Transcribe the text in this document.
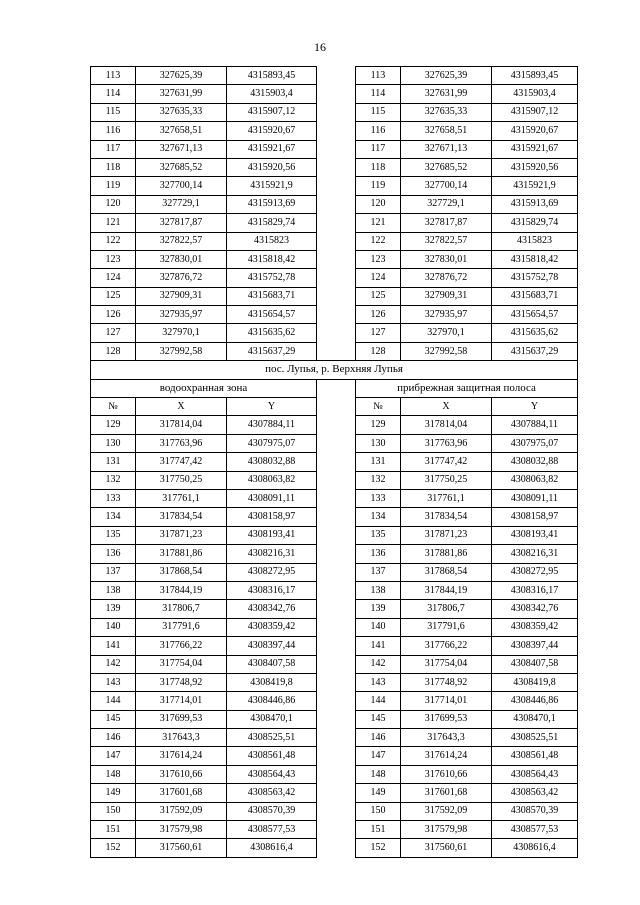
16
113	327625,39	4315893,45		113	327625,39	4315893,45
114	327631,99	4315903,4		114	327631,99	4315903,4
115	327635,33	4315907,12		115	327635,33	4315907,12
116	327658,51	4315920,67		116	327658,51	4315920,67
117	327671,13	4315921,67		117	327671,13	4315921,67
118	327685,52	4315920,56		118	327685,52	4315920,56
119	327700,14	4315921,9		119	327700,14	4315921,9
120	327729,1	4315913,69		120	327729,1	4315913,69
121	327817,87	4315829,74		121	327817,87	4315829,74
122	327822,57	4315823		122	327822,57	4315823
123	327830,01	4315818,42		123	327830,01	4315818,42
124	327876,72	4315752,78		124	327876,72	4315752,78
125	327909,31	4315683,71		125	327909,31	4315683,71
126	327935,97	4315654,57		126	327935,97	4315654,57
127	327970,1	4315635,62		127	327970,1	4315635,62
128	327992,58	4315637,29		128	327992,58	4315637,29
пос. Лупья, р. Верхняя Лупья						
водоохранная зона				прибрежная защитная полоса		
№	X	Y		№	X	Y
129	317814,04	4307884,11		129	317814,04	4307884,11
130	317763,96	4307975,07		130	317763,96	4307975,07
131	317747,42	4308032,88		131	317747,42	4308032,88
132	317750,25	4308063,82		132	317750,25	4308063,82
133	317761,1	4308091,11		133	317761,1	4308091,11
134	317834,54	4308158,97		134	317834,54	4308158,97
135	317871,23	4308193,41		135	317871,23	4308193,41
136	317881,86	4308216,31		136	317881,86	4308216,31
137	317868,54	4308272,95		137	317868,54	4308272,95
138	317844,19	4308316,17		138	317844,19	4308316,17
139	317806,7	4308342,76		139	317806,7	4308342,76
140	317791,6	4308359,42		140	317791,6	4308359,42
141	317766,22	4308397,44		141	317766,22	4308397,44
142	317754,04	4308407,58		142	317754,04	4308407,58
143	317748,92	4308419,8		143	317748,92	4308419,8
144	317714,01	4308446,86		144	317714,01	4308446,86
145	317699,53	4308470,1		145	317699,53	4308470,1
146	317643,3	4308525,51		146	317643,3	4308525,51
147	317614,24	4308561,48		147	317614,24	4308561,48
148	317610,66	4308564,43		148	317610,66	4308564,43
149	317601,68	4308563,42		149	317601,68	4308563,42
150	317592,09	4308570,39		150	317592,09	4308570,39
151	317579,98	4308577,53		151	317579,98	4308577,53
152	317560,61	4308616,4		152	317560,61	4308616,4
